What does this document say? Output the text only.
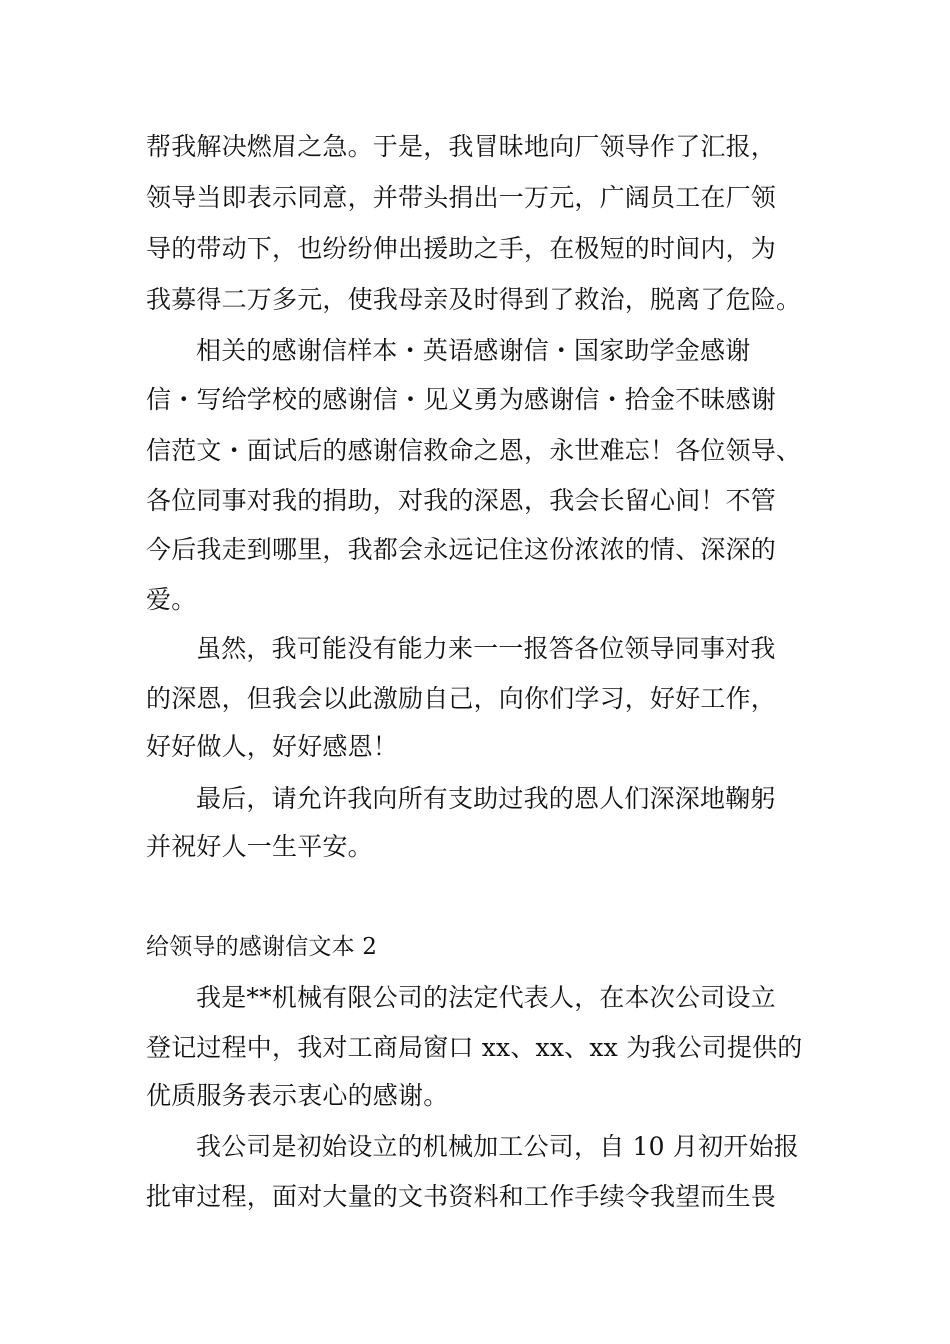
帮我解决燃眉之急。于是，我冒昧地向厂领导作了汇报，
领导当即表示同意，并带头捐出一万元，广阔员工在厂领
导的带动下，也纷纷伸出援助之手，在极短的时间内，为
我募得二万多元，使我母亲及时得到了救治，脱离了危险。
相关的感谢信样本・英语感谢信・国家助学金感谢
信・写给学校的感谢信・见义勇为感谢信・拾金不昧感谢
信范文・面试后的感谢信救命之恩，永世难忘！各位领导、
各位同事对我的捐助，对我的深恩，我会长留心间！不管
今后我走到哪里，我都会永远记住这份浓浓的情、深深的
爱。
虽然，我可能没有能力来一一报答各位领导同事对我
的深恩，但我会以此激励自己，向你们学习，好好工作，
好好做人，好好感恩！
最后，请允许我向所有支助过我的恩人们深深地鞠躬
并祝好人一生平安。
给领导的感谢信文本 2
我是**机械有限公司的法定代表人，在本次公司设立
登记过程中，我对工商局窗口 xx、xx、xx 为我公司提供的
优质服务表示衷心的感谢。
我公司是初始设立的机械加工公司，自 10 月初开始报
批审过程，面对大量的文书资料和工作手续令我望而生畏
